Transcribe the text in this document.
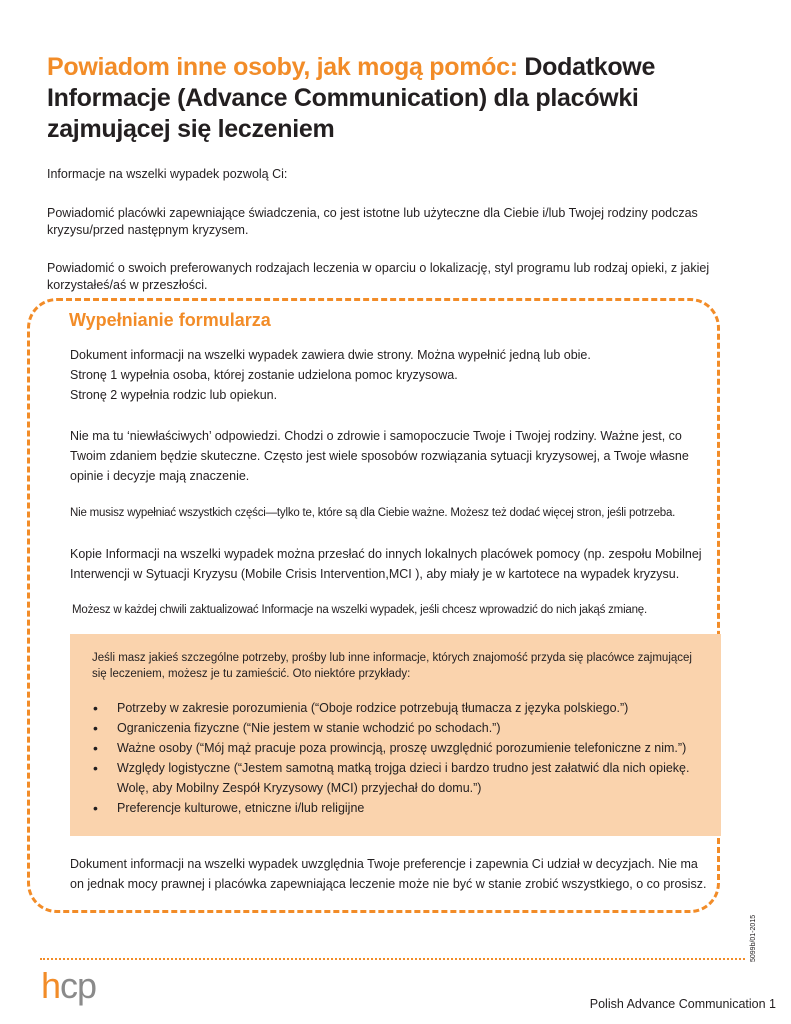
Powiadom inne osoby, jak mogą pomóc: Dodatkowe Informacje (Advance Communication) dla placówki zajmującej się leczeniem

Informacje na wszelki wypadek pozwolą Ci:

Powiadomić placówki zapewniające świadczenia, co jest istotne lub użyteczne dla Ciebie i/lub Twojej rodziny podczas kryzysu/przed następnym kryzysem.

Powiadomić o swoich preferowanych rodzajach leczenia w oparciu o lokalizację, styl programu lub rodzaj opieki, z jakiej korzystałeś/aś w przeszłości.

Wypełnianie formularza
Dokument informacji na wszelki wypadek zawiera dwie strony. Można wypełnić jedną lub obie.
Stronę 1 wypełnia osoba, której zostanie udzielona pomoc kryzysowa.
Stronę 2 wypełnia rodzic lub opiekun.

Nie ma tu ‘niewłaściwych’ odpowiedzi. Chodzi o zdrowie i samopoczucie Twoje i Twojej rodziny. Ważne jest, co Twoim zdaniem będzie skuteczne. Często jest wiele sposobów rozwiązania sytuacji kryzysowej, a Twoje własne opinie i decyzje mają znaczenie.

Nie musisz wypełniać wszystkich części—tylko te, które są dla Ciebie ważne. Możesz też dodać więcej stron, jeśli potrzeba.

Kopie Informacji na wszelki wypadek można przesłać do innych lokalnych placówek pomocy (np. zespołu Mobilnej Interwencji w Sytuacji Kryzysu (Mobile Crisis Intervention,MCI ), aby miały je w kartotece na wypadek kryzysu.

Możesz w każdej chwili zaktualizować Informacje na wszelki wypadek, jeśli chcesz wprowadzić do nich jakąś zmianę.

Jeśli masz jakieś szczególne potrzeby, prośby lub inne informacje, których znajomość przyda się placówce zajmującej się leczeniem, możesz je tu zamieścić. Oto niektóre przykłady:

• Potrzeby w zakresie porozumienia (“Oboje rodzice potrzebują tłumacza z języka polskiego.”)
• Ograniczenia fizyczne (“Nie jestem w stanie wchodzić po schodach.”)
• Ważne osoby (“Mój mąż pracuje poza prowincją, proszę uwzględnić porozumienie telefoniczne z nim.”)
• Względy logistyczne (“Jestem samotną matką trojga dzieci i bardzo trudno jest załatwić dla nich opiekę. Wolę, aby Mobilny Zespół Kryzysowy (MCI) przyjechał do domu.”)
• Preferencje kulturowe, etniczne i/lub religijne

Dokument informacji na wszelki wypadek uwzględnia Twoje preferencje i zapewnia Ci udział w decyzjach. Nie ma on jednak mocy prawnej i placówka zapewniająca leczenie może nie być w stanie zrobić wszystkiego, o co prosisz.

5099b/01-2015
hcp	Polish Advance Communication 1
